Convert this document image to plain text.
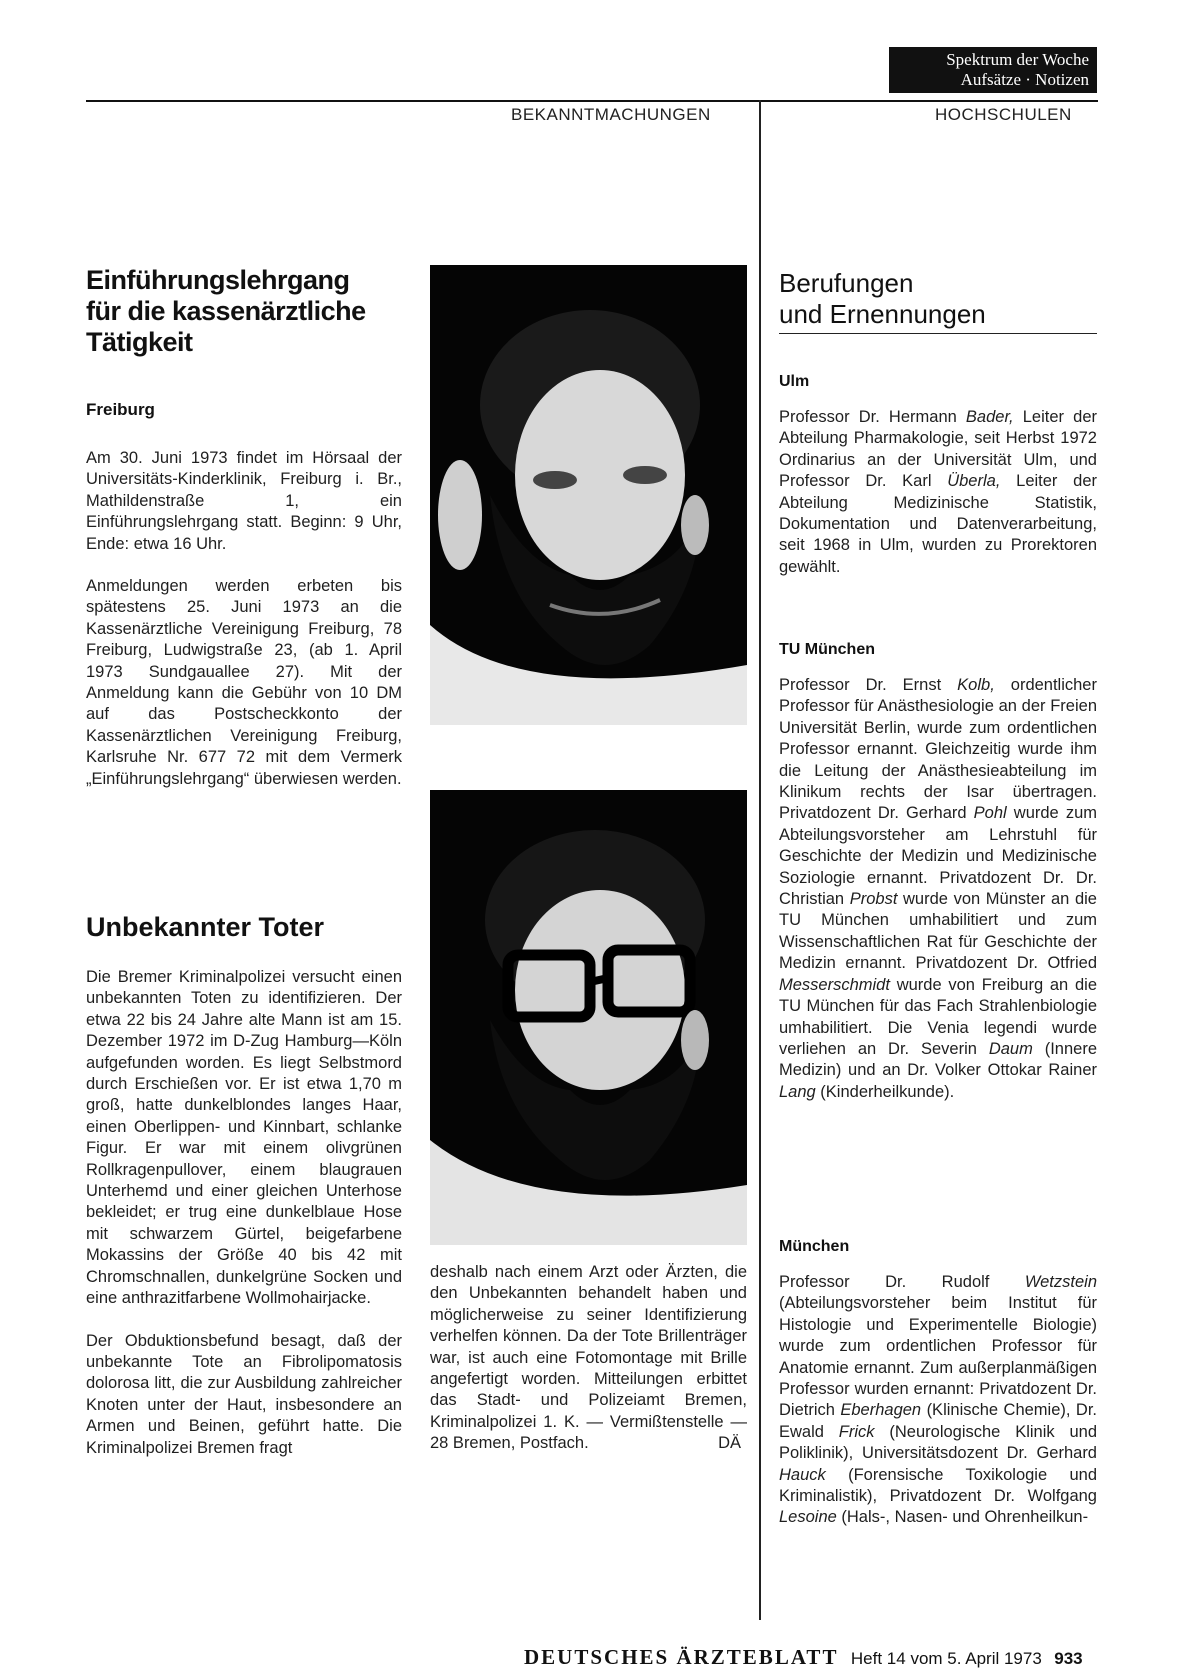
Spektrum der Woche
Aufsätze · Notizen
BEKANNTMACHUNGEN	HOCHSCHULEN
Einführungslehrgang
für die kassenärztliche
Tätigkeit
Freiburg

Am 30. Juni 1973 findet im Hörsaal der Universitäts-Kinderklinik, Freiburg i. Br., Mathildenstraße 1, ein Einführungslehrgang statt. Beginn: 9 Uhr, Ende: etwa 16 Uhr.

Anmeldungen werden erbeten bis spätestens 25. Juni 1973 an die Kassenärztliche Vereinigung Freiburg, 78 Freiburg, Ludwigstraße 23, (ab 1. April 1973 Sundgauallee 27). Mit der Anmeldung kann die Gebühr von 10 DM auf das Postscheckkonto der Kassenärztlichen Vereinigung Freiburg, Karlsruhe Nr. 677 72 mit dem Vermerk „Einführungslehrgang“ überwiesen werden.

Unbekannter Toter

Die Bremer Kriminalpolizei versucht einen unbekannten Toten zu identifizieren. Der etwa 22 bis 24 Jahre alte Mann ist am 15. Dezember 1972 im D-Zug Hamburg—Köln aufgefunden worden. Es liegt Selbstmord durch Erschießen vor. Er ist etwa 1,70 m groß, hatte dunkelblondes langes Haar, einen Oberlippen- und Kinnbart, schlanke Figur. Er war mit einem olivgrünen Rollkragenpullover, einem blaugrauen Unterhemd und einer gleichen Unterhose bekleidet; er trug eine dunkelblaue Hose mit schwarzem Gürtel, beigefarbene Mokassins der Größe 40 bis 42 mit Chromschnallen, dunkelgrüne Socken und eine anthrazitfarbene Wollmohairjacke.

Der Obduktionsbefund besagt, daß der unbekannte Tote an Fibrolipomatosis dolorosa litt, die zur Ausbildung zahlreicher Knoten unter der Haut, insbesondere an Armen und Beinen, geführt hatte. Die Kriminalpolizei Bremen fragt

deshalb nach einem Arzt oder Ärzten, die den Unbekannten behandelt haben und möglicherweise zu seiner Identifizierung verhelfen können. Da der Tote Brillenträger war, ist auch eine Fotomontage mit Brille angefertigt worden. Mitteilungen erbittet das Stadt- und Polizeiamt Bremen, Kriminalpolizei 1. K. — Vermißtenstelle — 28 Bremen, Postfach.	DÄ

Berufungen
und Ernennungen
Ulm
Professor Dr. Hermann Bader, Leiter der Abteilung Pharmakologie, seit Herbst 1972 Ordinarius an der Universität Ulm, und Professor Dr. Karl Überla, Leiter der Abteilung Medizinische Statistik, Dokumentation und Datenverarbeitung, seit 1968 in Ulm, wurden zu Prorektoren gewählt.
TU München
Professor Dr. Ernst Kolb, ordentlicher Professor für Anästhesiologie an der Freien Universität Berlin, wurde zum ordentlichen Professor ernannt. Gleichzeitig wurde ihm die Leitung der Anästhesieabteilung im Klinikum rechts der Isar übertragen. Privatdozent Dr. Gerhard Pohl wurde zum Abteilungsvorsteher am Lehrstuhl für Geschichte der Medizin und Medizinische Soziologie ernannt. Privatdozent Dr. Dr. Christian Probst wurde von Münster an die TU München umhabilitiert und zum Wissenschaftlichen Rat für Geschichte der Medizin ernannt. Privatdozent Dr. Otfried Messerschmidt wurde von Freiburg an die TU München für das Fach Strahlenbiologie umhabilitiert. Die Venia legendi wurde verliehen an Dr. Severin Daum (Innere Medizin) und an Dr. Volker Ottokar Rainer Lang (Kinderheilkunde).
München
Professor Dr. Rudolf Wetzstein (Abteilungsvorsteher beim Institut für Histologie und Experimentelle Biologie) wurde zum ordentlichen Professor für Anatomie ernannt. Zum außerplanmäßigen Professor wurden ernannt: Privatdozent Dr. Dietrich Eberhagen (Klinische Chemie), Dr. Ewald Frick (Neurologische Klinik und Poliklinik), Universitätsdozent Dr. Gerhard Hauck (Forensische Toxikologie und Kriminalistik), Privatdozent Dr. Wolfgang Lesoine (Hals-, Nasen- und Ohrenheilkun-
DEUTSCHES ÄRZTEBLATT Heft 14 vom 5. April 1973 933
